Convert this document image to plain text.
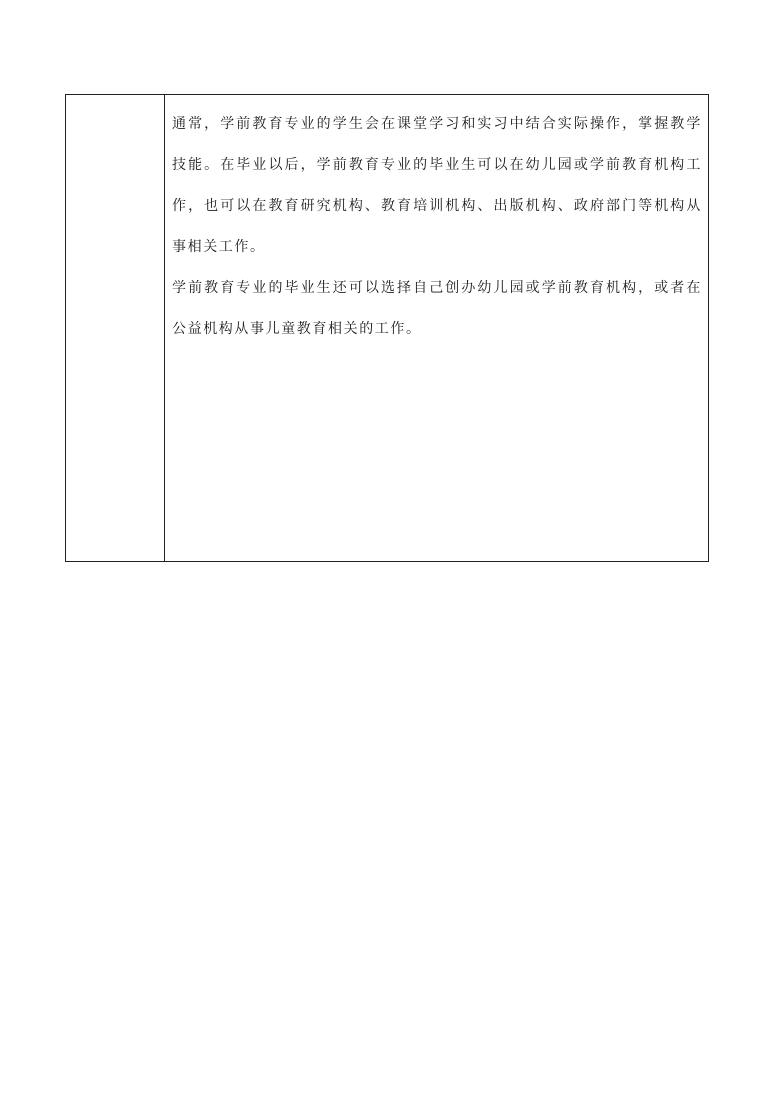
通常，学前教育专业的学生会在课堂学习和实习中结合实际操作，掌握教学技能。在毕业以后，学前教育专业的毕业生可以在幼儿园或学前教育机构工作，也可以在教育研究机构、教育培训机构、出版机构、政府部门等机构从事相关工作。

学前教育专业的毕业生还可以选择自己创办幼儿园或学前教育机构，或者在公益机构从事儿童教育相关的工作。
